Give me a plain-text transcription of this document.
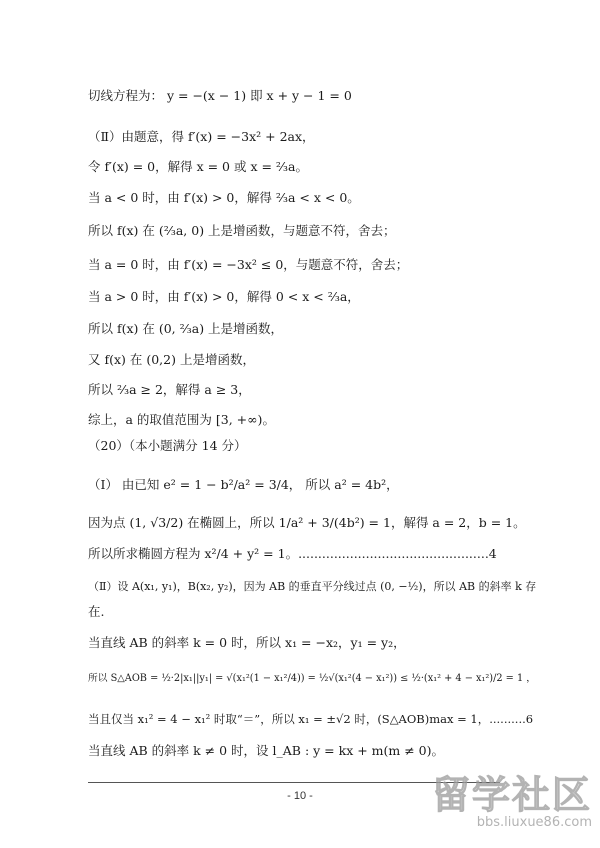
切线方程为： y = −(x − 1) 即 x + y − 1 = 0
（Ⅱ）由题意，得 f′(x) = −3x² + 2ax，
令 f′(x) = 0，解得 x = 0 或 x = ⅔a。
当 a < 0 时，由 f′(x) > 0，解得 ⅔a < x < 0。
所以 f(x) 在 (⅔a, 0) 上是增函数，与题意不符，舍去；
当 a = 0 时，由 f′(x) = −3x² ≤ 0，与题意不符，舍去；
当 a > 0 时，由 f′(x) > 0，解得 0 < x < ⅔a，
所以 f(x) 在 (0, ⅔a) 上是增函数，
又 f(x) 在 (0,2) 上是增函数，
所以 ⅔a ≥ 2，解得 a ≥ 3，
综上，a 的取值范围为 [3, +∞)。
（20）（本小题满分 14 分）
（Ⅰ） 由已知 e² = 1 − b²/a² = 3/4， 所以 a² = 4b²，
因为点 (1, √3/2) 在椭圆上，所以 1/a² + 3/(4b²) = 1，解得 a = 2，b = 1。
所以所求椭圆方程为 x²/4 + y² = 1。................................................4
（Ⅱ）设 A(x₁, y₁)，B(x₂, y₂)，因为 AB 的垂直平分线过点 (0, −½)，所以 AB 的斜率 k 存
在.
当直线 AB 的斜率 k = 0 时，所以 x₁ = −x₂，y₁ = y₂，
所以 S△AOB = ½·2|x₁||y₁| = √(x₁²(1 − x₁²/4)) = ½√(x₁²(4 − x₁²)) ≤ ½·(x₁² + 4 − x₁²)/2 = 1 ，
当且仅当 x₁² = 4 − x₁² 时取“＝”，所以 x₁ = ±√2 时，(S△AOB)max = 1，..........6
当直线 AB 的斜率 k ≠ 0 时，设 l_AB : y = kx + m(m ≠ 0)。
- 10 -	留学社区
bbs.liuxue86.com
